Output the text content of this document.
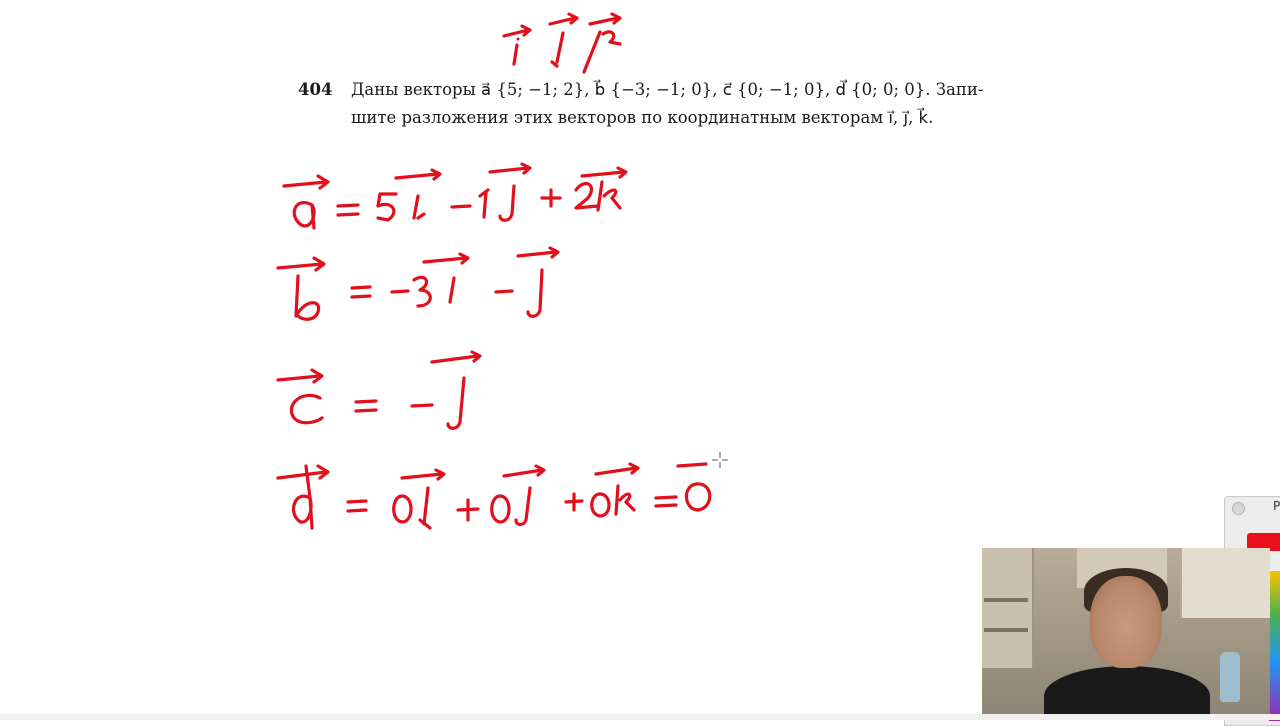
404 Даны векторы a⃗ {5; −1; 2}, b⃗ {−3; −1; 0}, c⃗ {0; −1; 0}, d⃗ {0; 0; 0}. Запи-
шите разложения этих векторов по координатным векторам i⃗, j⃗, k⃗.
P
